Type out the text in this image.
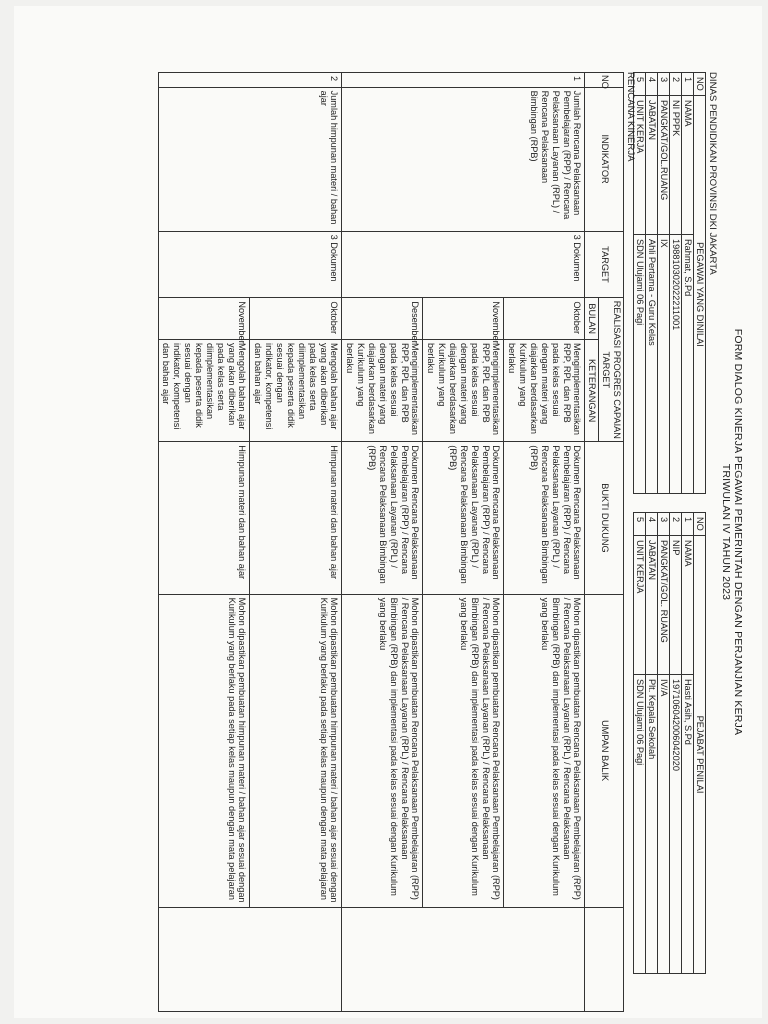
FORM DIALOG KINERJA PEGAWAI PEMERINTAH DENGAN PERJANJIAN KERJA
TRIWULAN IV TAHUN 2023
DINAS PENDIDIKAN PROVINSI DKI JAKARTA
NO	PEGAWAI YANG DINILAI	
1	NAMA	Rahmat, S.Pd
2	NI PPPK	198810302022211001
3	PANGKAT/GOL.RUANG	IX
4	JABATAN	Ahli Pertama - Guru Kelas
5	UNIT KERJA	SDN Ulujami 06 Pagi
NO	PEJABAT PENILAI	
1	NAMA	Hasti Asih, S.Pd
2	NIP	197106042006042020
3	PANGKAT/GOL. RUANG	IV/A
4	JABATAN	Plt. Kepala Sekolah
5	UNIT KERJA	SDN Ulujami 06 Pagi
RENCANA KINERJA
NO	INDIKATOR	TARGET	REALISASI PROGRES CAPAIAN TARGET		BUKTI DUKUNG	UMPAN BALIK	
			BULAN	KETERANGAN			
1	Jumlah Rencana Pelaksanaan Pembelajaran (RPP) / Rencana Pelaksanaan Layanan (RPL) / Rencana Pelaksanaan Bimbingan (RPB)	3 Dokumen	Oktober	Mengimplementasikan RPP, RPL dan RPB pada kelas sesuai dengan materi yang diajarkan berdasarkan Kurikulum yang berlaku	Dokumen Rencana Pelaksanaan Pembelajaran (RPP) / Rencana Pelaksanaan Layanan (RPL) / Rencana Pelaksanaan Bimbingan (RPB)	Mohon dipastikan pembuatan Rencana Pelaksanaan Pembelajaran (RPP) / Rencana Pelaksanaan Layanan (RPL) / Rencana Pelaksanaan Bimbingan (RPB) dan implementasi pada kelas sesuai dengan Kurikulum yang berlaku	
			November	Mengimplementasikan RPP, RPL dan RPB pada kelas sesuai dengan materi yang diajarkan berdasarkan Kurikulum yang berlaku	Dokumen Rencana Pelaksanaan Pembelajaran (RPP) / Rencana Pelaksanaan Layanan (RPL) / Rencana Pelaksanaan Bimbingan (RPB)	Mohon dipastikan pembuatan Rencana Pelaksanaan Pembelajaran (RPP) / Rencana Pelaksanaan Layanan (RPL) / Rencana Pelaksanaan Bimbingan (RPB) dan implementasi pada kelas sesuai dengan Kurikulum yang berlaku	
			Desember	Mengimplementasikan RPP, RPL dan RPB pada kelas sesuai dengan materi yang diajarkan berdasarkan Kurikulum yang berlaku	Dokumen Rencana Pelaksanaan Pembelajaran (RPP) / Rencana Pelaksanaan Layanan (RPL) / Rencana Pelaksanaan Bimbingan (RPB)	Mohon dipastikan pembuatan Rencana Pelaksanaan Pembelajaran (RPP) / Rencana Pelaksanaan Layanan (RPL) / Rencana Pelaksanaan Bimbingan (RPB) dan implementasi pada kelas sesuai dengan Kurikulum yang berlaku	
2	Jumlah himpunan materi / bahan ajar	3 Dokumen	Oktober	Mengolah bahan ajar yang akan diberikan pada kelas serta diimplementasikan kepada peserta didik sesuai dengan indikator, kompetensi dan bahan ajar	Himpunan materi dan bahan ajar	Mohon dipastikan pembuatan himpunan materi / bahan ajar sesuai dengan Kurikulum yang berlaku pada setiap kelas maupun dengan mata pelajaran	
			November	Mengolah bahan ajar yang akan diberikan pada kelas serta diimplementasikan kepada peserta didik sesuai dengan indikator, kompetensi dan bahan ajar	Himpunan materi dan bahan ajar	Mohon dipastikan pembuatan himpunan materi / bahan ajar sesuai dengan Kurikulum yang berlaku pada setiap kelas maupun dengan mata pelajaran	
